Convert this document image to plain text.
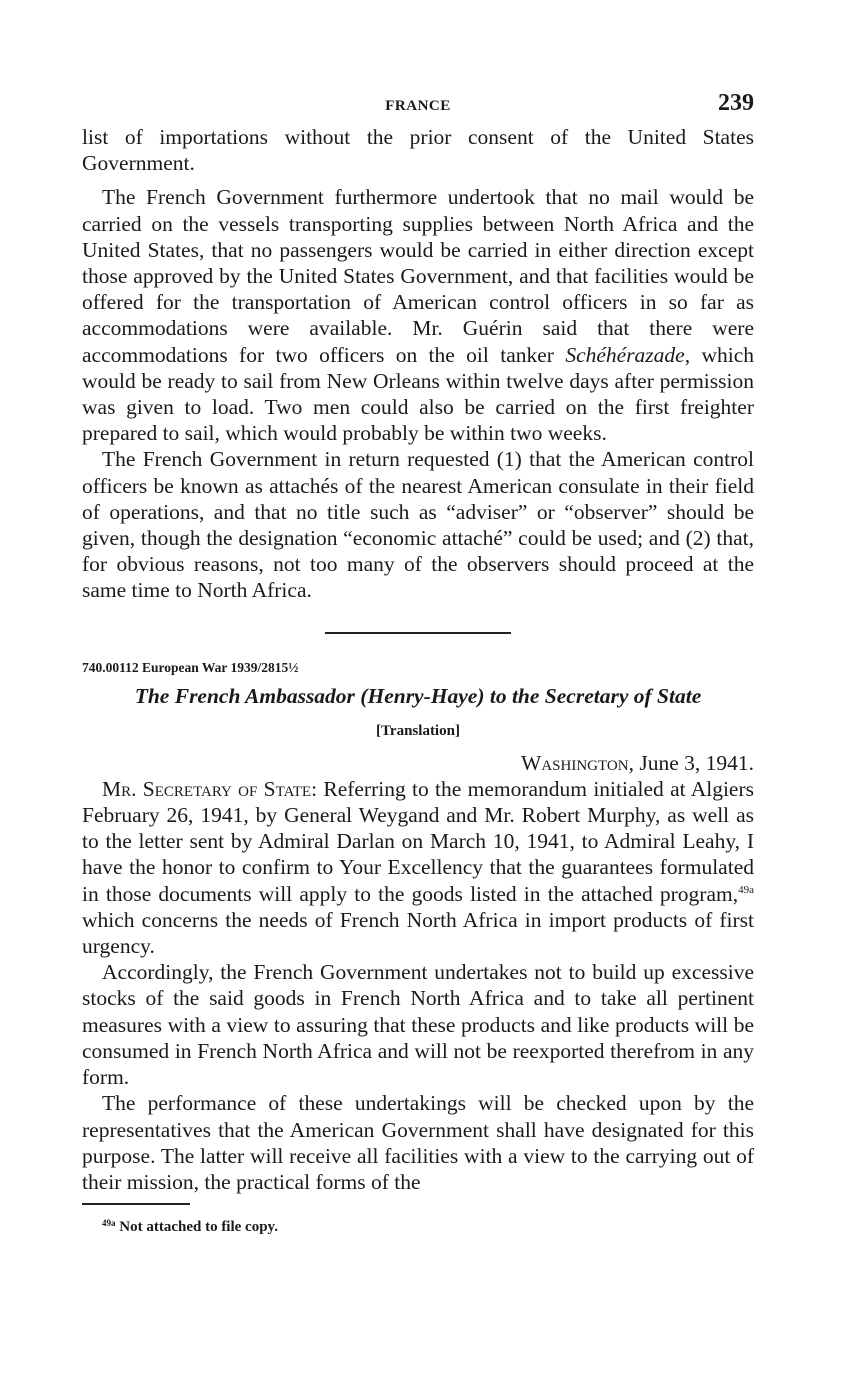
FRANCE	239

list of importations without the prior consent of the United States Government.

The French Government furthermore undertook that no mail would be carried on the vessels transporting supplies between North Africa and the United States, that no passengers would be carried in either direction except those approved by the United States Government, and that facilities would be offered for the transportation of American control officers in so far as accommodations were available. Mr. Guérin said that there were accommodations for two officers on the oil tanker Schéhérazade, which would be ready to sail from New Orleans within twelve days after permission was given to load. Two men could also be carried on the first freighter prepared to sail, which would probably be within two weeks.

The French Government in return requested (1) that the American control officers be known as attachés of the nearest American consulate in their field of operations, and that no title such as “adviser” or “observer” should be given, though the designation “economic attaché” could be used; and (2) that, for obvious reasons, not too many of the observers should proceed at the same time to North Africa.

740.00112 European War 1939/2815½
The French Ambassador (Henry-Haye) to the Secretary of State
[Translation]
Washington, June 3, 1941.

Mr. Secretary of State: Referring to the memorandum initialed at Algiers February 26, 1941, by General Weygand and Mr. Robert Murphy, as well as to the letter sent by Admiral Darlan on March 10, 1941, to Admiral Leahy, I have the honor to confirm to Your Excellency that the guarantees formulated in those documents will apply to the goods listed in the attached program,$^{49a}$ which concerns the needs of French North Africa in import products of first urgency.

Accordingly, the French Government undertakes not to build up excessive stocks of the said goods in French North Africa and to take all pertinent measures with a view to assuring that these products and like products will be consumed in French North Africa and will not be reexported therefrom in any form.

The performance of these undertakings will be checked upon by the representatives that the American Government shall have designated for this purpose. The latter will receive all facilities with a view to the carrying out of their mission, the practical forms of the

$^{49a}$ Not attached to file copy.
